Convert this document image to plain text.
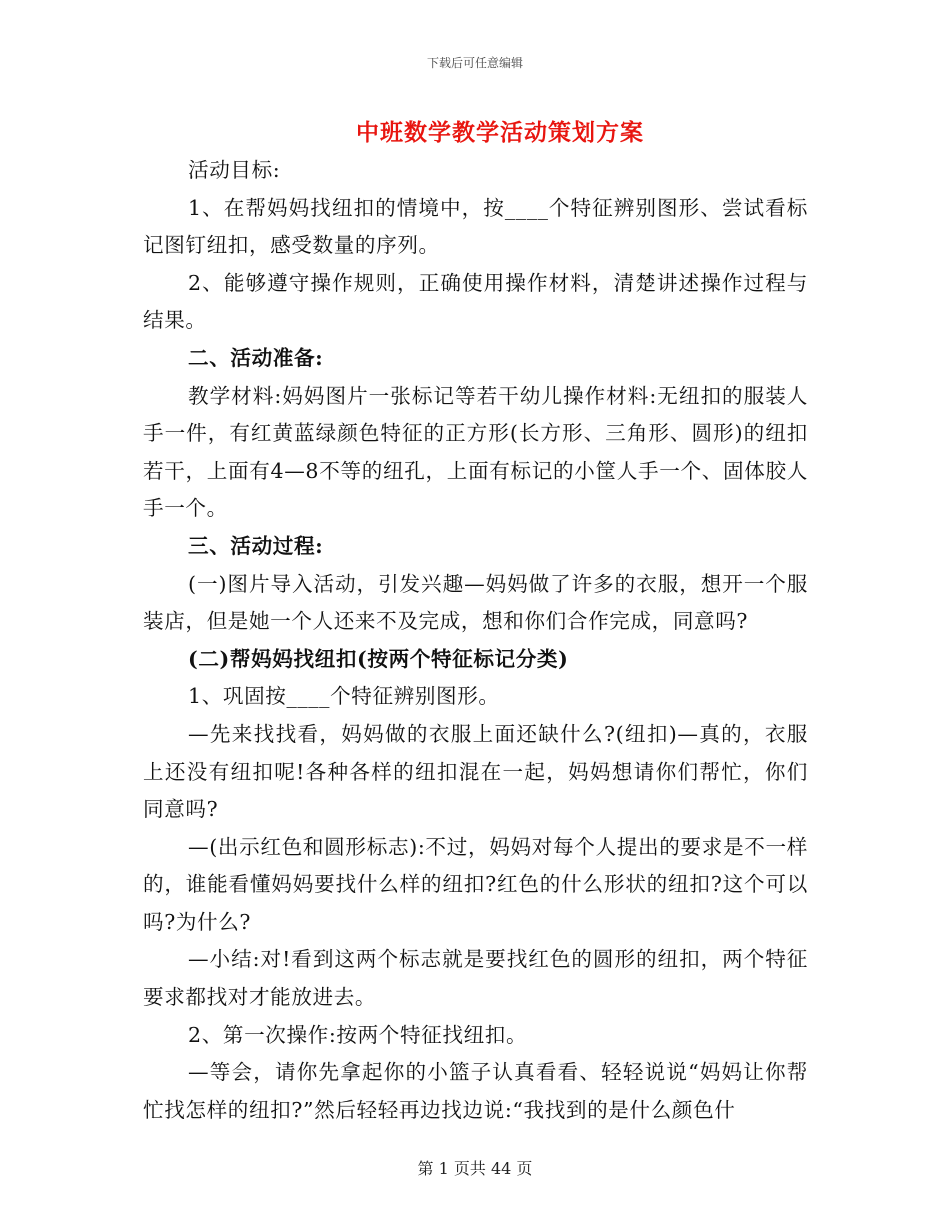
下载后可任意编辑
中班数学教学活动策划方案

活动目标:

1、在帮妈妈找纽扣的情境中，按____个特征辨别图形、尝试看标记图钉纽扣，感受数量的序列。

2、能够遵守操作规则，正确使用操作材料，清楚讲述操作过程与结果。

二、活动准备:

教学材料:妈妈图片一张标记等若干幼儿操作材料:无纽扣的服装人手一件，有红黄蓝绿颜色特征的正方形(长方形、三角形、圆形)的纽扣若干，上面有4—8不等的纽孔，上面有标记的小筐人手一个、固体胶人手一个。

三、活动过程:

(一)图片导入活动，引发兴趣—妈妈做了许多的衣服，想开一个服装店，但是她一个人还来不及完成，想和你们合作完成，同意吗?

(二)帮妈妈找纽扣(按两个特征标记分类)

1、巩固按____个特征辨别图形。

—先来找找看，妈妈做的衣服上面还缺什么?(纽扣)—真的，衣服上还没有纽扣呢!各种各样的纽扣混在一起，妈妈想请你们帮忙，你们同意吗?

—(出示红色和圆形标志):不过，妈妈对每个人提出的要求是不一样的，谁能看懂妈妈要找什么样的纽扣?红色的什么形状的纽扣?这个可以吗?为什么?

—小结:对!看到这两个标志就是要找红色的圆形的纽扣，两个特征要求都找对才能放进去。

2、第一次操作:按两个特征找纽扣。

—等会，请你先拿起你的小篮子认真看看、轻轻说说“妈妈让你帮忙找怎样的纽扣?”然后轻轻再边找边说:“我找到的是什么颜色什

第 1 页共 44 页
